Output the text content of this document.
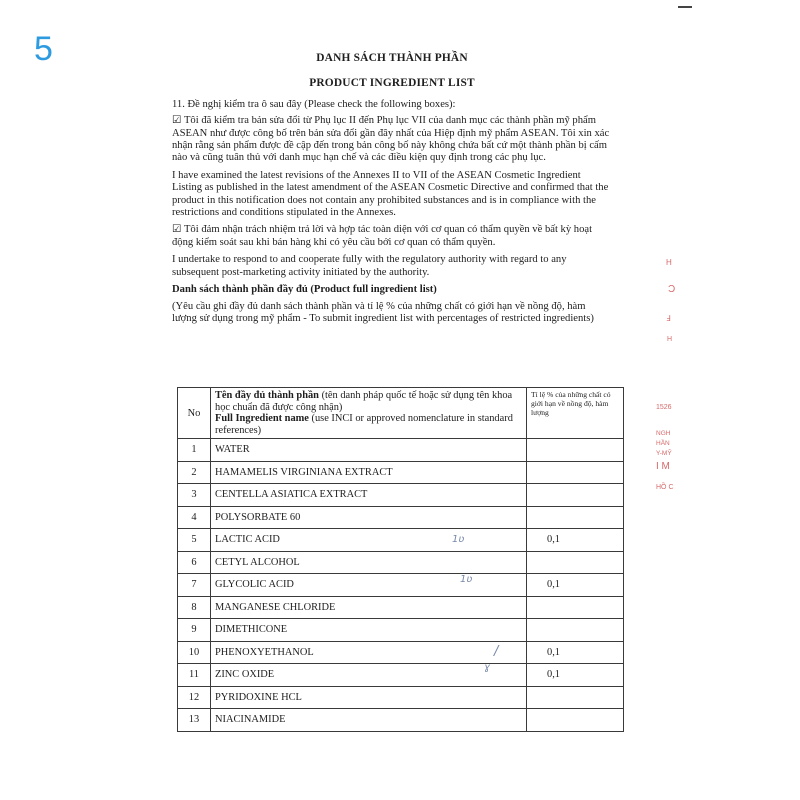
5	DANH SÁCH THÀNH PHẦN

PRODUCT INGREDIENT LIST

11. Đề nghị kiểm tra ô sau đây (Please check the following boxes):

☑ Tôi đã kiểm tra bản sửa đổi từ Phụ lục II đến Phụ lục VII của danh mục các thành phần mỹ phẩm ASEAN như được công bố trên bản sửa đổi gần đây nhất của Hiệp định mỹ phẩm ASEAN. Tôi xin xác nhận rằng sản phẩm được đề cập đến trong bản công bố này không chứa bất cứ một thành phần bị cấm nào và cũng tuân thủ với danh mục hạn chế và các điều kiện quy định trong các phụ lục.

I have examined the latest revisions of the Annexes II to VII of the ASEAN Cosmetic Ingredient Listing as published in the latest amendment of the ASEAN Cosmetic Directive and confirmed that the product in this notification does not contain any prohibited substances and is in compliance with the restrictions and conditions stipulated in the Annexes.

☑ Tôi đảm nhận trách nhiệm trả lời và hợp tác toàn diện với cơ quan có thẩm quyền về bất kỳ hoạt động kiểm soát sau khi bán hàng khi có yêu cầu bởi cơ quan có thẩm quyền.

I undertake to respond to and cooperate fully with the regulatory authority with regard to any subsequent post-marketing activity initiated by the authority.

Danh sách thành phần đầy đủ (Product full ingredient list)

(Yêu cầu ghi đầy đủ danh sách thành phần và tỉ lệ % của những chất có giới hạn về nồng độ, hàm lượng sử dụng trong mỹ phẩm - To submit ingredient list with percentages of restricted ingredients)

No	Tên đầy đủ thành phần (tên danh pháp quốc tế hoặc sử dụng tên khoa học chuẩn đã được công nhận)
Full Ingredient name (use INCI or approved nomenclature in standard references)	Tỉ lệ % của những chất có giới hạn về nồng độ, hàm lượng
1	WATER	
2	HAMAMELIS VIRGINIANA EXTRACT	
3	CENTELLA ASIATICA EXTRACT	
4	POLYSORBATE 60	
5	LACTIC ACID	0,1
6	CETYL ALCOHOL	
7	GLYCOLIC ACID	0,1
8	MANGANESE CHLORIDE	
9	DIMETHICONE	
10	PHENOXYETHANOL	0,1
11	ZINC OXIDE	0,1
12	PYRIDOXINE HCL	
13	NIACINAMIDE	
1ʋ
1ʋ
/
ɣ
H
Ɔ
Ⅎ
H
1526
NGH
HẦN
Y-MỸ
I M
HỒ C
